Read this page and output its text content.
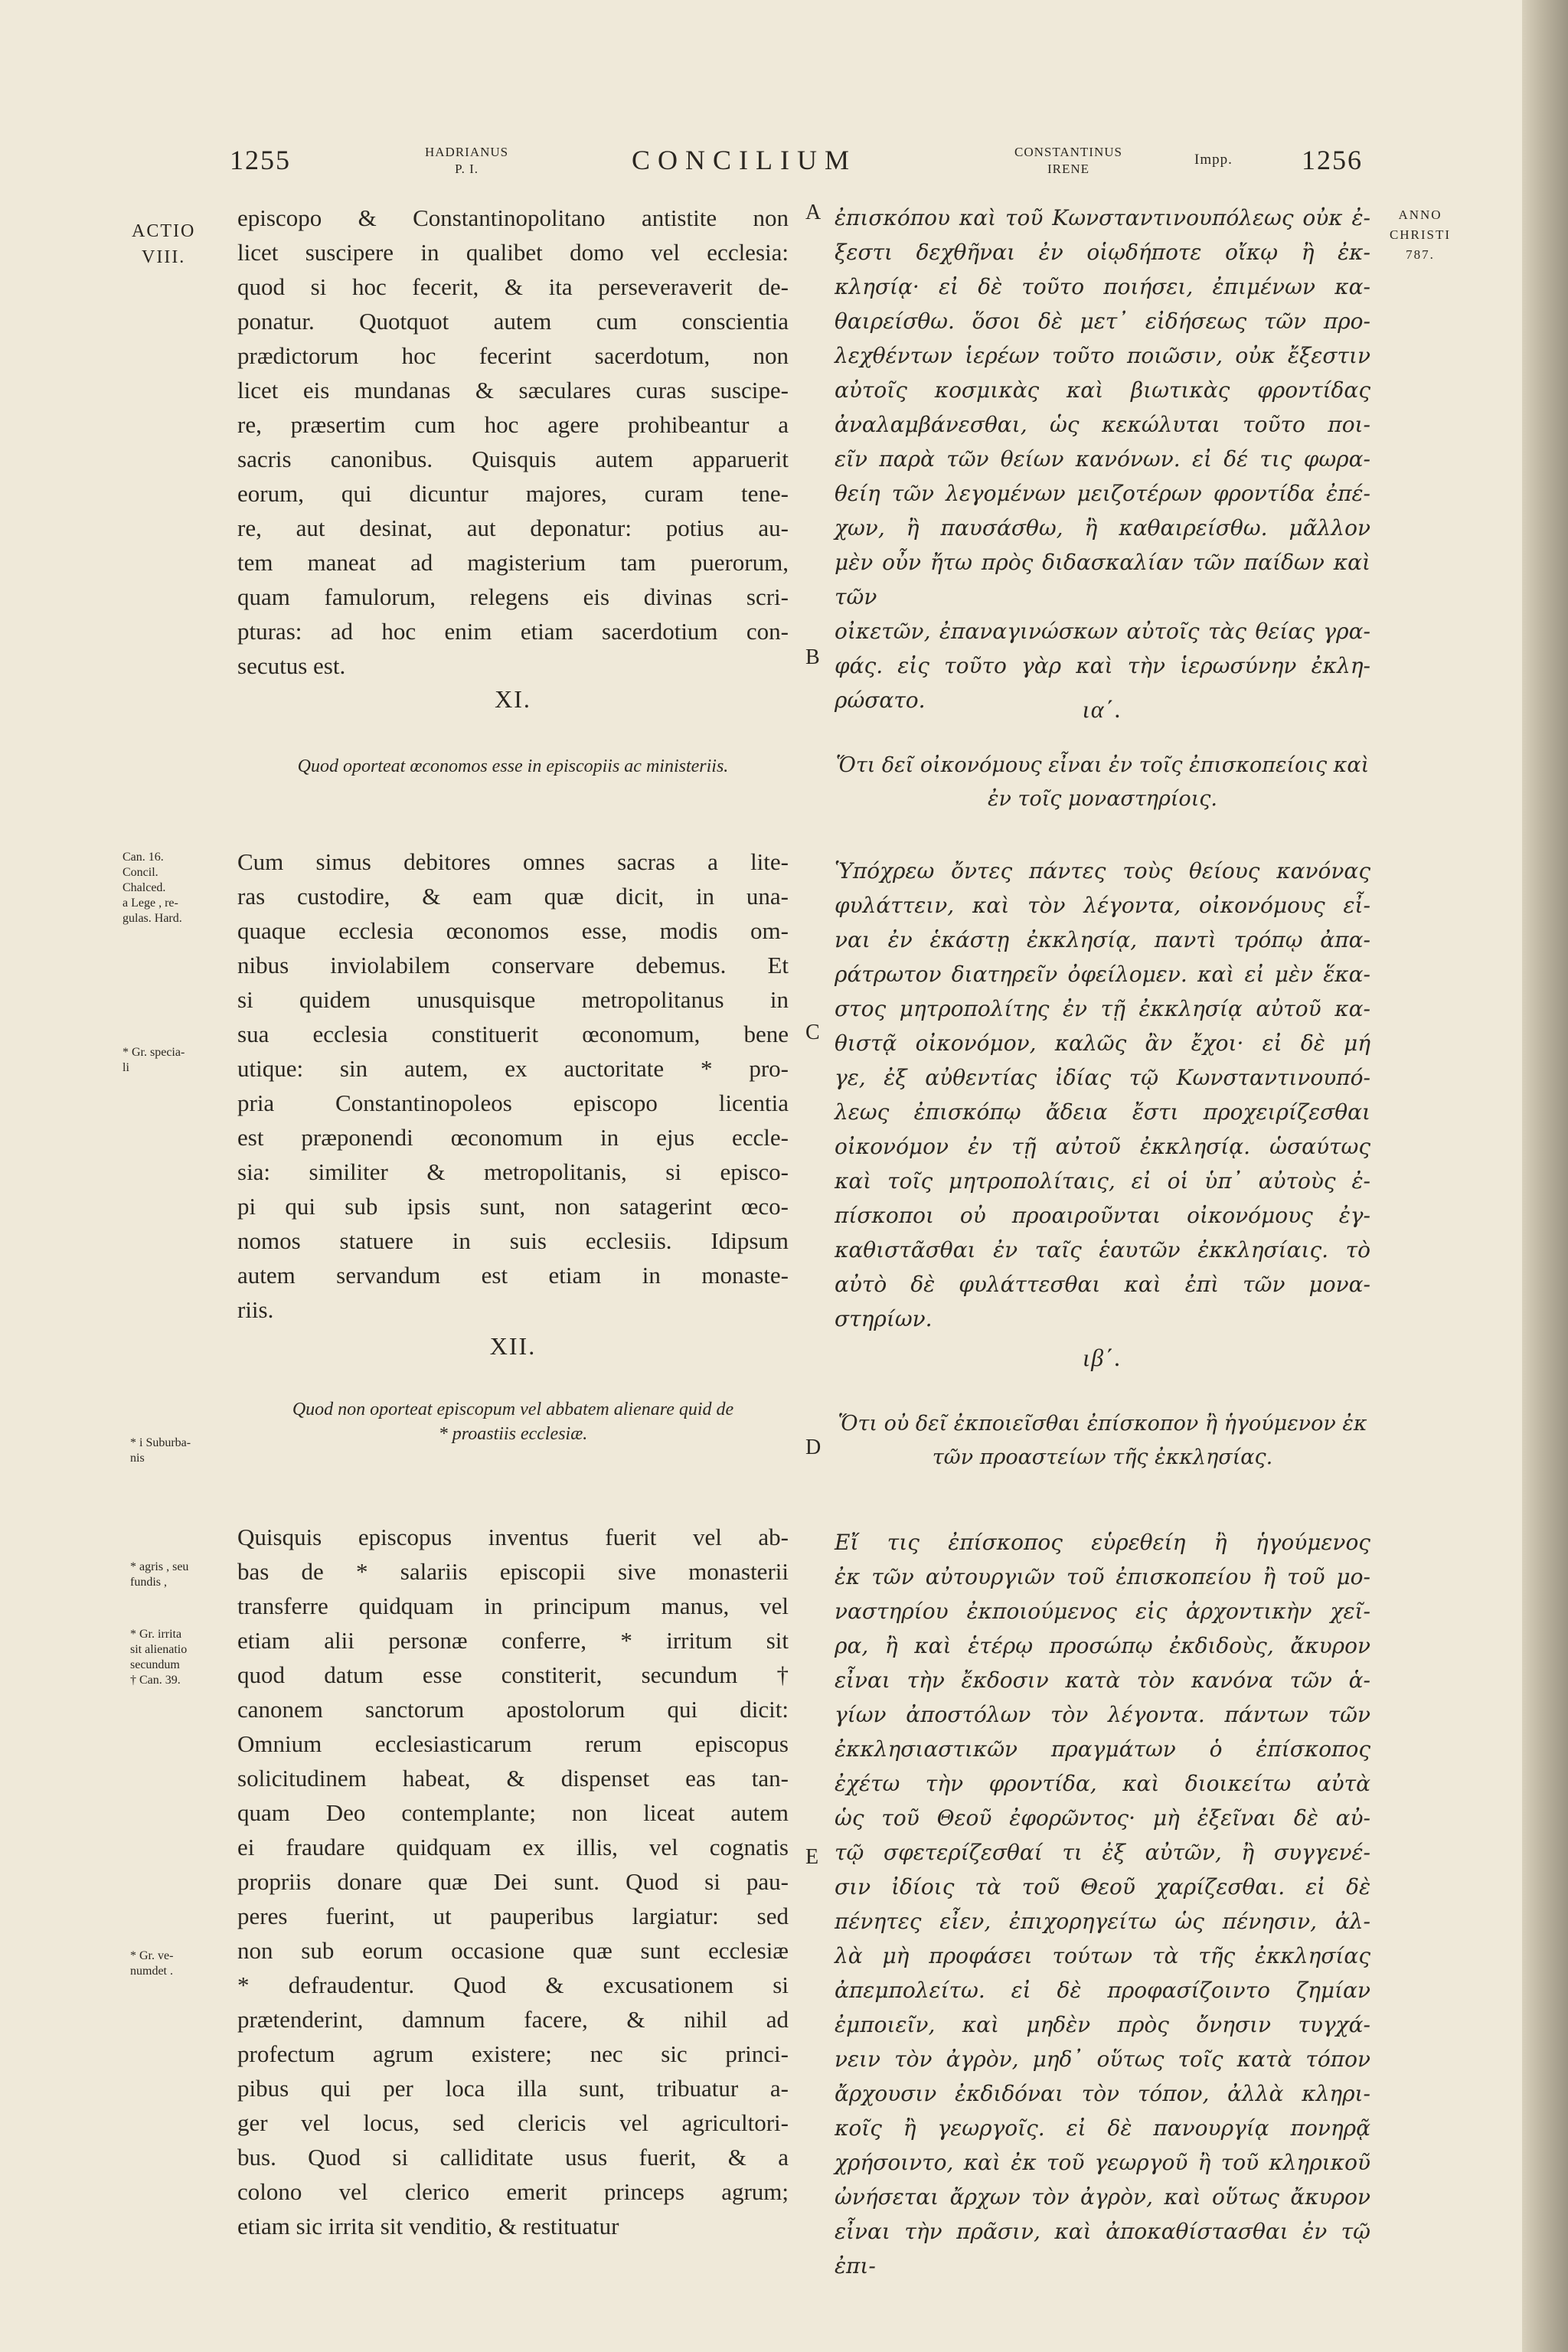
1255	HADRIANUS
P. I.	CONCILIUM	CONSTANTINUS
IRENE
Impp.	1256
ACTIO
VIII.
Can. 16.
Concil.
Chalced.
a Lege , re-
gulas. Hard.
* Gr. specia-
li
* i Suburba-
nis
* agris , seu
fundis ,
* Gr. irrita
sit alienatio
secundum
† Can. 39.
* Gr. ve-
numdet .
ANNO
CHRISTI
787.
A
B
C
D
E

episcopo & Constantinopolitano antistite non

licet suscipere in qualibet domo vel ecclesia:

quod si hoc fecerit, & ita perseveraverit de-

ponatur. Quotquot autem cum conscientia

prædictorum hoc fecerint sacerdotum, non

licet eis mundanas & sæculares curas suscipe-

re, præsertim cum hoc agere prohibeantur a

sacris canonibus. Quisquis autem apparuerit

eorum, qui dicuntur majores, curam tene-

re, aut desinat, aut deponatur: potius au-

tem maneat ad magisterium tam puerorum,

quam famulorum, relegens eis divinas scri-

pturas: ad hoc enim etiam sacerdotium con-

secutus est.

XI.
Quod oporteat œconomos esse in episcopiis ac ministeriis.

Cum simus debitores omnes sacras a lite-

ras custodire, & eam quæ dicit, in una-

quaque ecclesia œconomos esse, modis om-

nibus inviolabilem conservare debemus. Et

si quidem unusquisque metropolitanus in

sua ecclesia constituerit œconomum, bene

utique: sin autem, ex auctoritate * pro-

pria Constantinopoleos episcopo licentia

est præponendi œconomum in ejus eccle-

sia: similiter & metropolitanis, si episco-

pi qui sub ipsis sunt, non satagerint œco-

nomos statuere in suis ecclesiis. Idipsum

autem servandum est etiam in monaste-

riis.

XII.
Quod non oporteat episcopum vel abbatem alienare quid de * proastiis ecclesiæ.

Quisquis episcopus inventus fuerit vel ab-

bas de * salariis episcopii sive monasterii

transferre quidquam in principum manus, vel

etiam alii personæ conferre, * irritum sit

quod datum esse constiterit, secundum †

canonem sanctorum apostolorum qui dicit:

Omnium ecclesiasticarum rerum episcopus

solicitudinem habeat, & dispenset eas tan-

quam Deo contemplante; non liceat autem

ei fraudare quidquam ex illis, vel cognatis

propriis donare quæ Dei sunt. Quod si pau-

peres fuerint, ut pauperibus largiatur: sed

non sub eorum occasione quæ sunt ecclesiæ

* defraudentur. Quod & excusationem si

prætenderint, damnum facere, & nihil ad

profectum agrum existere; nec sic princi-

pibus qui per loca illa sunt, tribuatur a-

ger vel locus, sed clericis vel agricultori-

bus. Quod si calliditate usus fuerit, & a

colono vel clerico emerit princeps agrum;

etiam sic irrita sit venditio, & restituatur

ἐπισκόπου καὶ τοῦ Κωνσταντινουπόλεως οὐκ ἐ-

ξεστι δεχθῆναι ἐν οἱῳδήποτε οἴκῳ ἢ ἐκ-

κλησίᾳ· εἰ δὲ τοῦτο ποιήσει, ἐπιμένων κα-

θαιρείσθω. ὅσοι δὲ μετ᾽ εἰδήσεως τῶν προ-

λεχθέντων ἱερέων τοῦτο ποιῶσιν, οὐκ ἔξεστιν

αὐτοῖς κοσμικὰς καὶ βιωτικὰς φροντίδας

ἀναλαμβάνεσθαι, ὡς κεκώλυται τοῦτο ποι-

εῖν παρὰ τῶν θείων κανόνων. εἰ δέ τις φωρα-

θείη τῶν λεγομένων μειζοτέρων φροντίδα ἐπέ-

χων, ἢ παυσάσθω, ἢ καθαιρείσθω. μᾶλλον

μὲν οὖν ἤτω πρὸς διδασκαλίαν τῶν παίδων καὶ τῶν

οἰκετῶν, ἐπαναγινώσκων αὐτοῖς τὰς θείας γρα-

φάς. εἰς τοῦτο γὰρ καὶ τὴν ἱερωσύνην ἐκλη-

ρώσατο.	ια΄.
Ὅτι δεῖ οἰκονόμους εἶναι ἐν τοῖς ἐπισκοπείοις καὶ ἐν τοῖς μοναστηρίοις.

Ὑπόχρεω ὄντες πάντες τοὺς θείους κανόνας

φυλάττειν, καὶ τὸν λέγοντα, οἰκονόμους εἶ-

ναι ἐν ἑκάστῃ ἐκκλησίᾳ, παντὶ τρόπῳ ἀπα-

ράτρωτον διατηρεῖν ὀφείλομεν. καὶ εἰ μὲν ἕκα-

στος μητροπολίτης ἐν τῇ ἐκκλησίᾳ αὐτοῦ κα-

θιστᾷ οἰκονόμον, καλῶς ἂν ἔχοι· εἰ δὲ μή

γε, ἐξ αὐθεντίας ἰδίας τῷ Κωνσταντινουπό-

λεως ἐπισκόπῳ ἄδεια ἔστι προχειρίζεσθαι

οἰκονόμον ἐν τῇ αὐτοῦ ἐκκλησίᾳ. ὡσαύτως

καὶ τοῖς μητροπολίταις, εἰ οἱ ὑπ᾽ αὐτοὺς ἐ-

πίσκοποι οὐ προαιροῦνται οἰκονόμους ἐγ-

καθιστᾶσθαι ἐν ταῖς ἑαυτῶν ἐκκλησίαις. τὸ

αὐτὸ δὲ φυλάττεσθαι καὶ ἐπὶ τῶν μονα-

στηρίων.

ιβ΄.
Ὅτι οὐ δεῖ ἐκποιεῖσθαι ἐπίσκοπον ἢ ἡγούμενον ἐκ τῶν προαστείων τῆς ἐκκλησίας.

Εἴ τις ἐπίσκοπος εὑρεθείη ἢ ἡγούμενος

ἐκ τῶν αὐτουργιῶν τοῦ ἐπισκοπείου ἢ τοῦ μο-

ναστηρίου ἐκποιούμενος εἰς ἀρχοντικὴν χεῖ-

ρα, ἢ καὶ ἑτέρῳ προσώπῳ ἐκδιδοὺς, ἄκυρον

εἶναι τὴν ἔκδοσιν κατὰ τὸν κανόνα τῶν ἁ-

γίων ἀποστόλων τὸν λέγοντα. πάντων τῶν

ἐκκλησιαστικῶν πραγμάτων ὁ ἐπίσκοπος

ἐχέτω τὴν φροντίδα, καὶ διοικείτω αὐτὰ

ὡς τοῦ Θεοῦ ἐφορῶντος· μὴ ἐξεῖναι δὲ αὐ-

τῷ σφετερίζεσθαί τι ἐξ αὐτῶν, ἢ συγγενέ-

σιν ἰδίοις τὰ τοῦ Θεοῦ χαρίζεσθαι. εἰ δὲ

πένητες εἶεν, ἐπιχορηγείτω ὡς πένησιν, ἀλ-

λὰ μὴ προφάσει τούτων τὰ τῆς ἐκκλησίας

ἀπεμπολείτω. εἰ δὲ προφασίζοιντο ζημίαν

ἐμποιεῖν, καὶ μηδὲν πρὸς ὄνησιν τυγχά-

νειν τὸν ἀγρὸν, μηδ᾽ οὕτως τοῖς κατὰ τόπον

ἄρχουσιν ἐκδιδόναι τὸν τόπον, ἀλλὰ κληρι-

κοῖς ἢ γεωργοῖς. εἰ δὲ πανουργίᾳ πονηρᾷ

χρήσοιντο, καὶ ἐκ τοῦ γεωργοῦ ἢ τοῦ κληρικοῦ

ὠνήσεται ἄρχων τὸν ἀγρὸν, καὶ οὕτως ἄκυρον

εἶναι τὴν πρᾶσιν, καὶ ἀποκαθίστασθαι ἐν τῷ

ἐπι-
